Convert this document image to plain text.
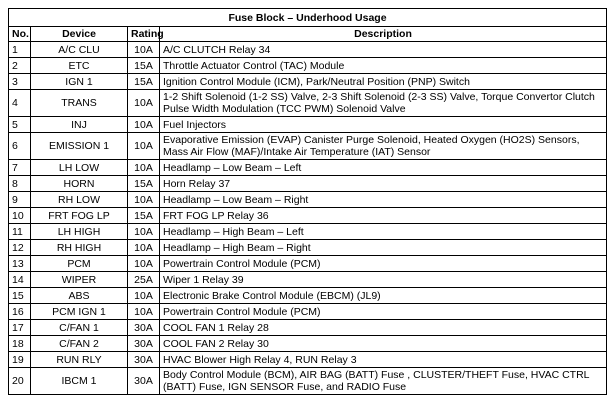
Fuse Block – Underhood Usage			
No.	Device	Rating	Description
1	A/C CLU	10A	A/C CLUTCH Relay 34
2	ETC	15A	Throttle Actuator Control (TAC) Module
3	IGN 1	15A	Ignition Control Module (ICM), Park/Neutral Position (PNP) Switch
4	TRANS	10A	1-2 Shift Solenoid (1-2 SS) Valve, 2-3 Shift Solenoid (2-3 SS) Valve, Torque Convertor Clutch Pulse Width Modulation (TCC PWM) Solenoid Valve
5	INJ	10A	Fuel Injectors
6	EMISSION 1	10A	Evaporative Emission (EVAP) Canister Purge Solenoid, Heated Oxygen (HO2S) Sensors, Mass Air Flow (MAF)/Intake Air Temperature (IAT) Sensor
7	LH LOW	10A	Headlamp – Low Beam – Left
8	HORN	15A	Horn Relay 37
9	RH LOW	10A	Headlamp – Low Beam – Right
10	FRT FOG LP	15A	FRT FOG LP Relay 36
11	LH HIGH	10A	Headlamp – High Beam – Left
12	RH HIGH	10A	Headlamp – High Beam – Right
13	PCM	10A	Powertrain Control Module (PCM)
14	WIPER	25A	Wiper 1 Relay 39
15	ABS	10A	Electronic Brake Control Module (EBCM) (JL9)
16	PCM IGN 1	10A	Powertrain Control Module (PCM)
17	C/FAN 1	30A	COOL FAN 1 Relay 28
18	C/FAN 2	30A	COOL FAN 2 Relay 30
19	RUN RLY	30A	HVAC Blower High Relay 4, RUN Relay 3
20	IBCM 1	30A	Body Control Module (BCM), AIR BAG (BATT) Fuse , CLUSTER/THEFT Fuse, HVAC CTRL (BATT) Fuse, IGN SENSOR Fuse, and RADIO Fuse
